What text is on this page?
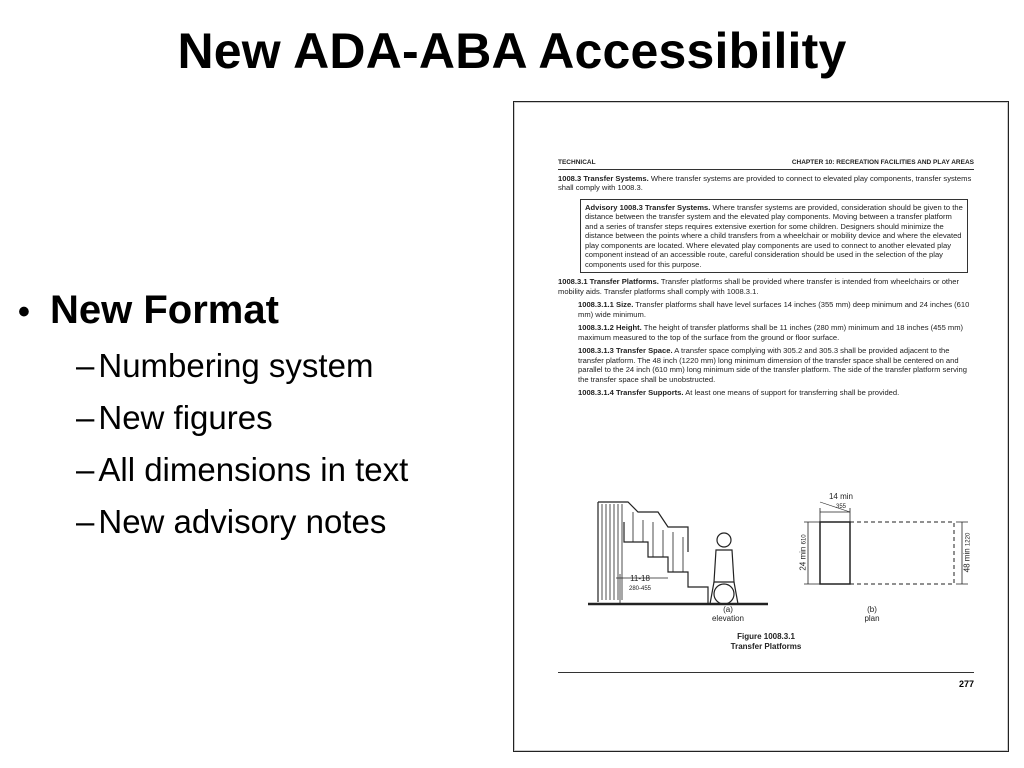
New ADA-ABA Accessibility
• New Format
– Numbering system
– New figures
– All dimensions in text
– New advisory notes
TECHNICAL	CHAPTER 10: RECREATION FACILITIES AND PLAY AREAS

1008.3 Transfer Systems. Where transfer systems are provided to connect to elevated play components, transfer systems shall comply with 1008.3.

Advisory 1008.3 Transfer Systems. Where transfer systems are provided, consideration should be given to the distance between the transfer system and the elevated play components. Moving between a transfer platform and a series of transfer steps requires extensive exertion for some children. Designers should minimize the distance between the points where a child transfers from a wheelchair or mobility device and where the elevated play components are located. Where elevated play components are used to connect to another elevated play component instead of an accessible route, careful consideration should be used in the selection of the play components used for this purpose.

1008.3.1 Transfer Platforms. Transfer platforms shall be provided where transfer is intended from wheelchairs or other mobility aids. Transfer platforms shall comply with 1008.3.1.

1008.3.1.1 Size. Transfer platforms shall have level surfaces 14 inches (355 mm) deep minimum and 24 inches (610 mm) wide minimum.

1008.3.1.2 Height. The height of transfer platforms shall be 11 inches (280 mm) minimum and 18 inches (455 mm) maximum measured to the top of the surface from the ground or floor surface.

1008.3.1.3 Transfer Space. A transfer space complying with 305.2 and 305.3 shall be provided adjacent to the transfer platform. The 48 inch (1220 mm) long minimum dimension of the transfer space shall be centered on and parallel to the 24 inch (610 mm) long minimum side of the transfer platform. The side of the transfer platform serving the transfer space shall be unobstructed.

1008.3.1.4 Transfer Supports. At least one means of support for transferring shall be provided.

11-18
280-455
(a)
elevation
14 min
355
24 min 610
48 min 1220
(b)
plan
Figure 1008.3.1
Transfer Platforms
277
